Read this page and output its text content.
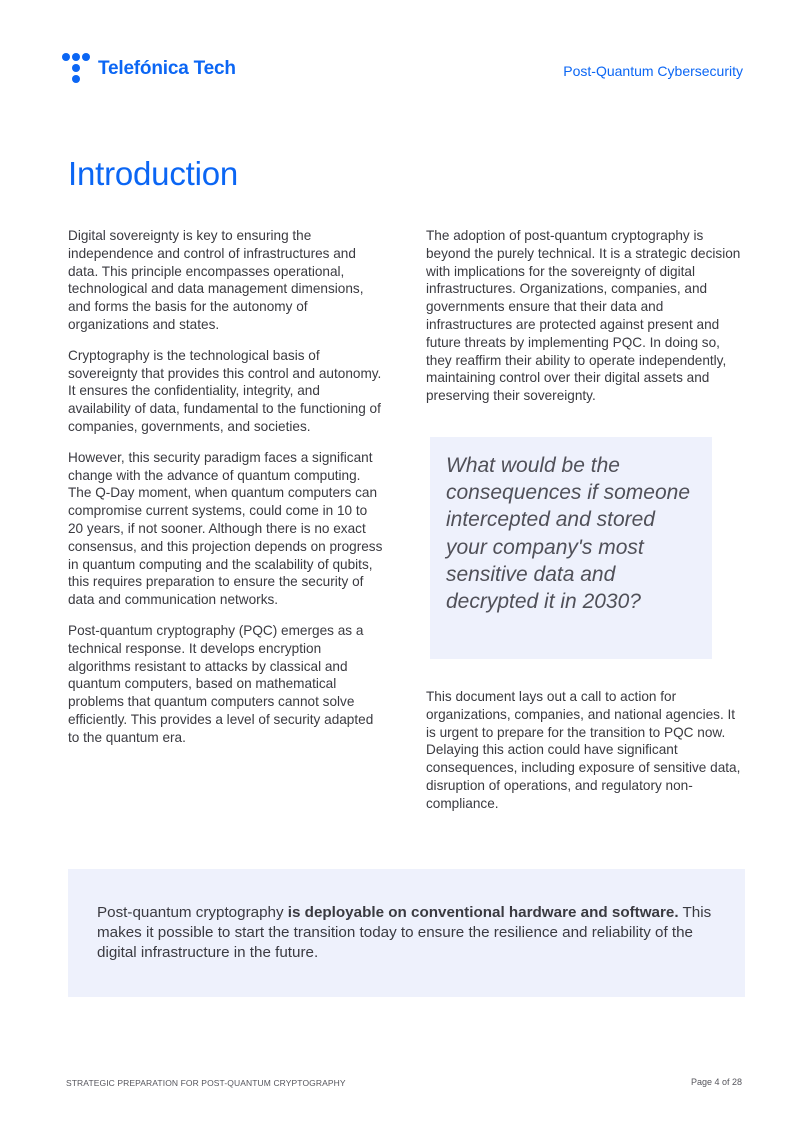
Telefónica Tech	Post-Quantum Cybersecurity
Introduction

Digital sovereignty is key to ensuring the independence and control of infrastructures and data. This principle encompasses operational, technological and data management dimensions, and forms the basis for the autonomy of organizations and states.

Cryptography is the technological basis of sovereignty that provides this control and autonomy. It ensures the confidentiality, integrity, and availability of data, fundamental to the functioning of companies, governments, and societies.

However, this security paradigm faces a significant change with the advance of quantum computing. The Q-Day moment, when quantum computers can compromise current systems, could come in 10 to 20 years, if not sooner. Although there is no exact consensus, and this projection depends on progress in quantum computing and the scalability of qubits, this requires preparation to ensure the security of data and communication networks.

Post-quantum cryptography (PQC) emerges as a technical response. It develops encryption algorithms resistant to attacks by classical and quantum computers, based on mathematical problems that quantum computers cannot solve efficiently. This provides a level of security adapted to the quantum era.

The adoption of post-quantum cryptography is beyond the purely technical. It is a strategic decision with implications for the sovereignty of digital infrastructures. Organizations, companies, and governments ensure that their data and infrastructures are protected against present and future threats by implementing PQC. In doing so, they reaffirm their ability to operate independently, maintaining control over their digital assets and preserving their sovereignty.

What would be the consequences if someone intercepted and stored your company's most sensitive data and decrypted it in 2030?

This document lays out a call to action for organizations, companies, and national agencies. It is urgent to prepare for the transition to PQC now. Delaying this action could have significant consequences, including exposure of sensitive data, disruption of operations, and regulatory non-compliance.

Post-quantum cryptography is deployable on conventional hardware and software. This makes it possible to start the transition today to ensure the resilience and reliability of the digital infrastructure in the future.

STRATEGIC PREPARATION FOR POST-QUANTUM CRYPTOGRAPHY	Page 4 of 28
